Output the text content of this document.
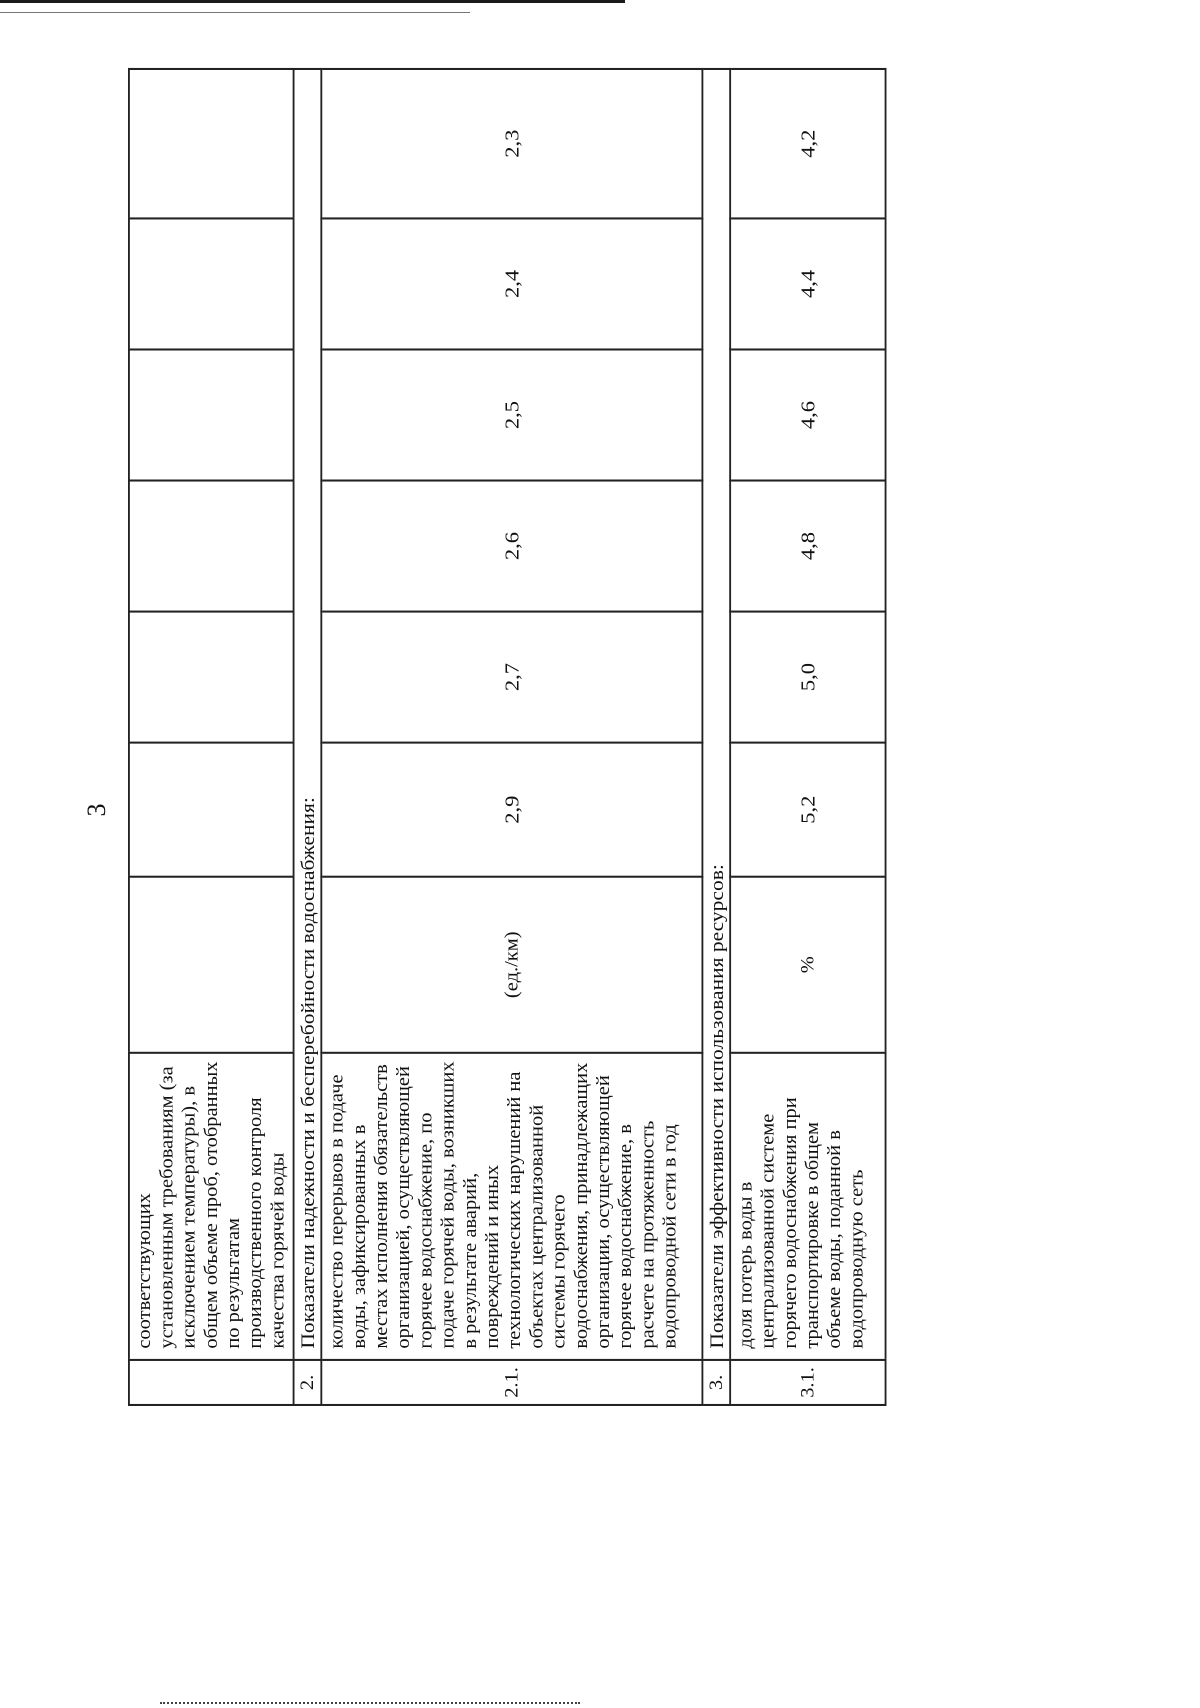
3
	соответствующих установленным требованиям (за исключением температуры), в общем объеме проб, отобранных по результатам производственного контроля качества горячей воды							
2.	Показатели надежности и бесперебойности водоснабжения:							
2.1.	количество перерывов в подаче воды, зафиксированных в местах исполнения обязательств организацией, осуществляющей горячее водоснабжение, по подаче горячей воды, возникших в результате аварий, повреждений и иных технологических нарушений на объектах централизованной системы горячего водоснабжения, принадлежащих организации, осуществляющей горячее водоснабжение, в расчете на протяженность водопроводной сети в год	(ед./км)	2,9	2,7	2,6	2,5	2,4	2,3
3.	Показатели эффективности использования ресурсов:							
3.1.	доля потерь воды в централизованной системе горячего водоснабжения при транспортировке в общем объеме воды, поданной в водопроводную сеть	%	5,2	5,0	4,8	4,6	4,4	4,2
